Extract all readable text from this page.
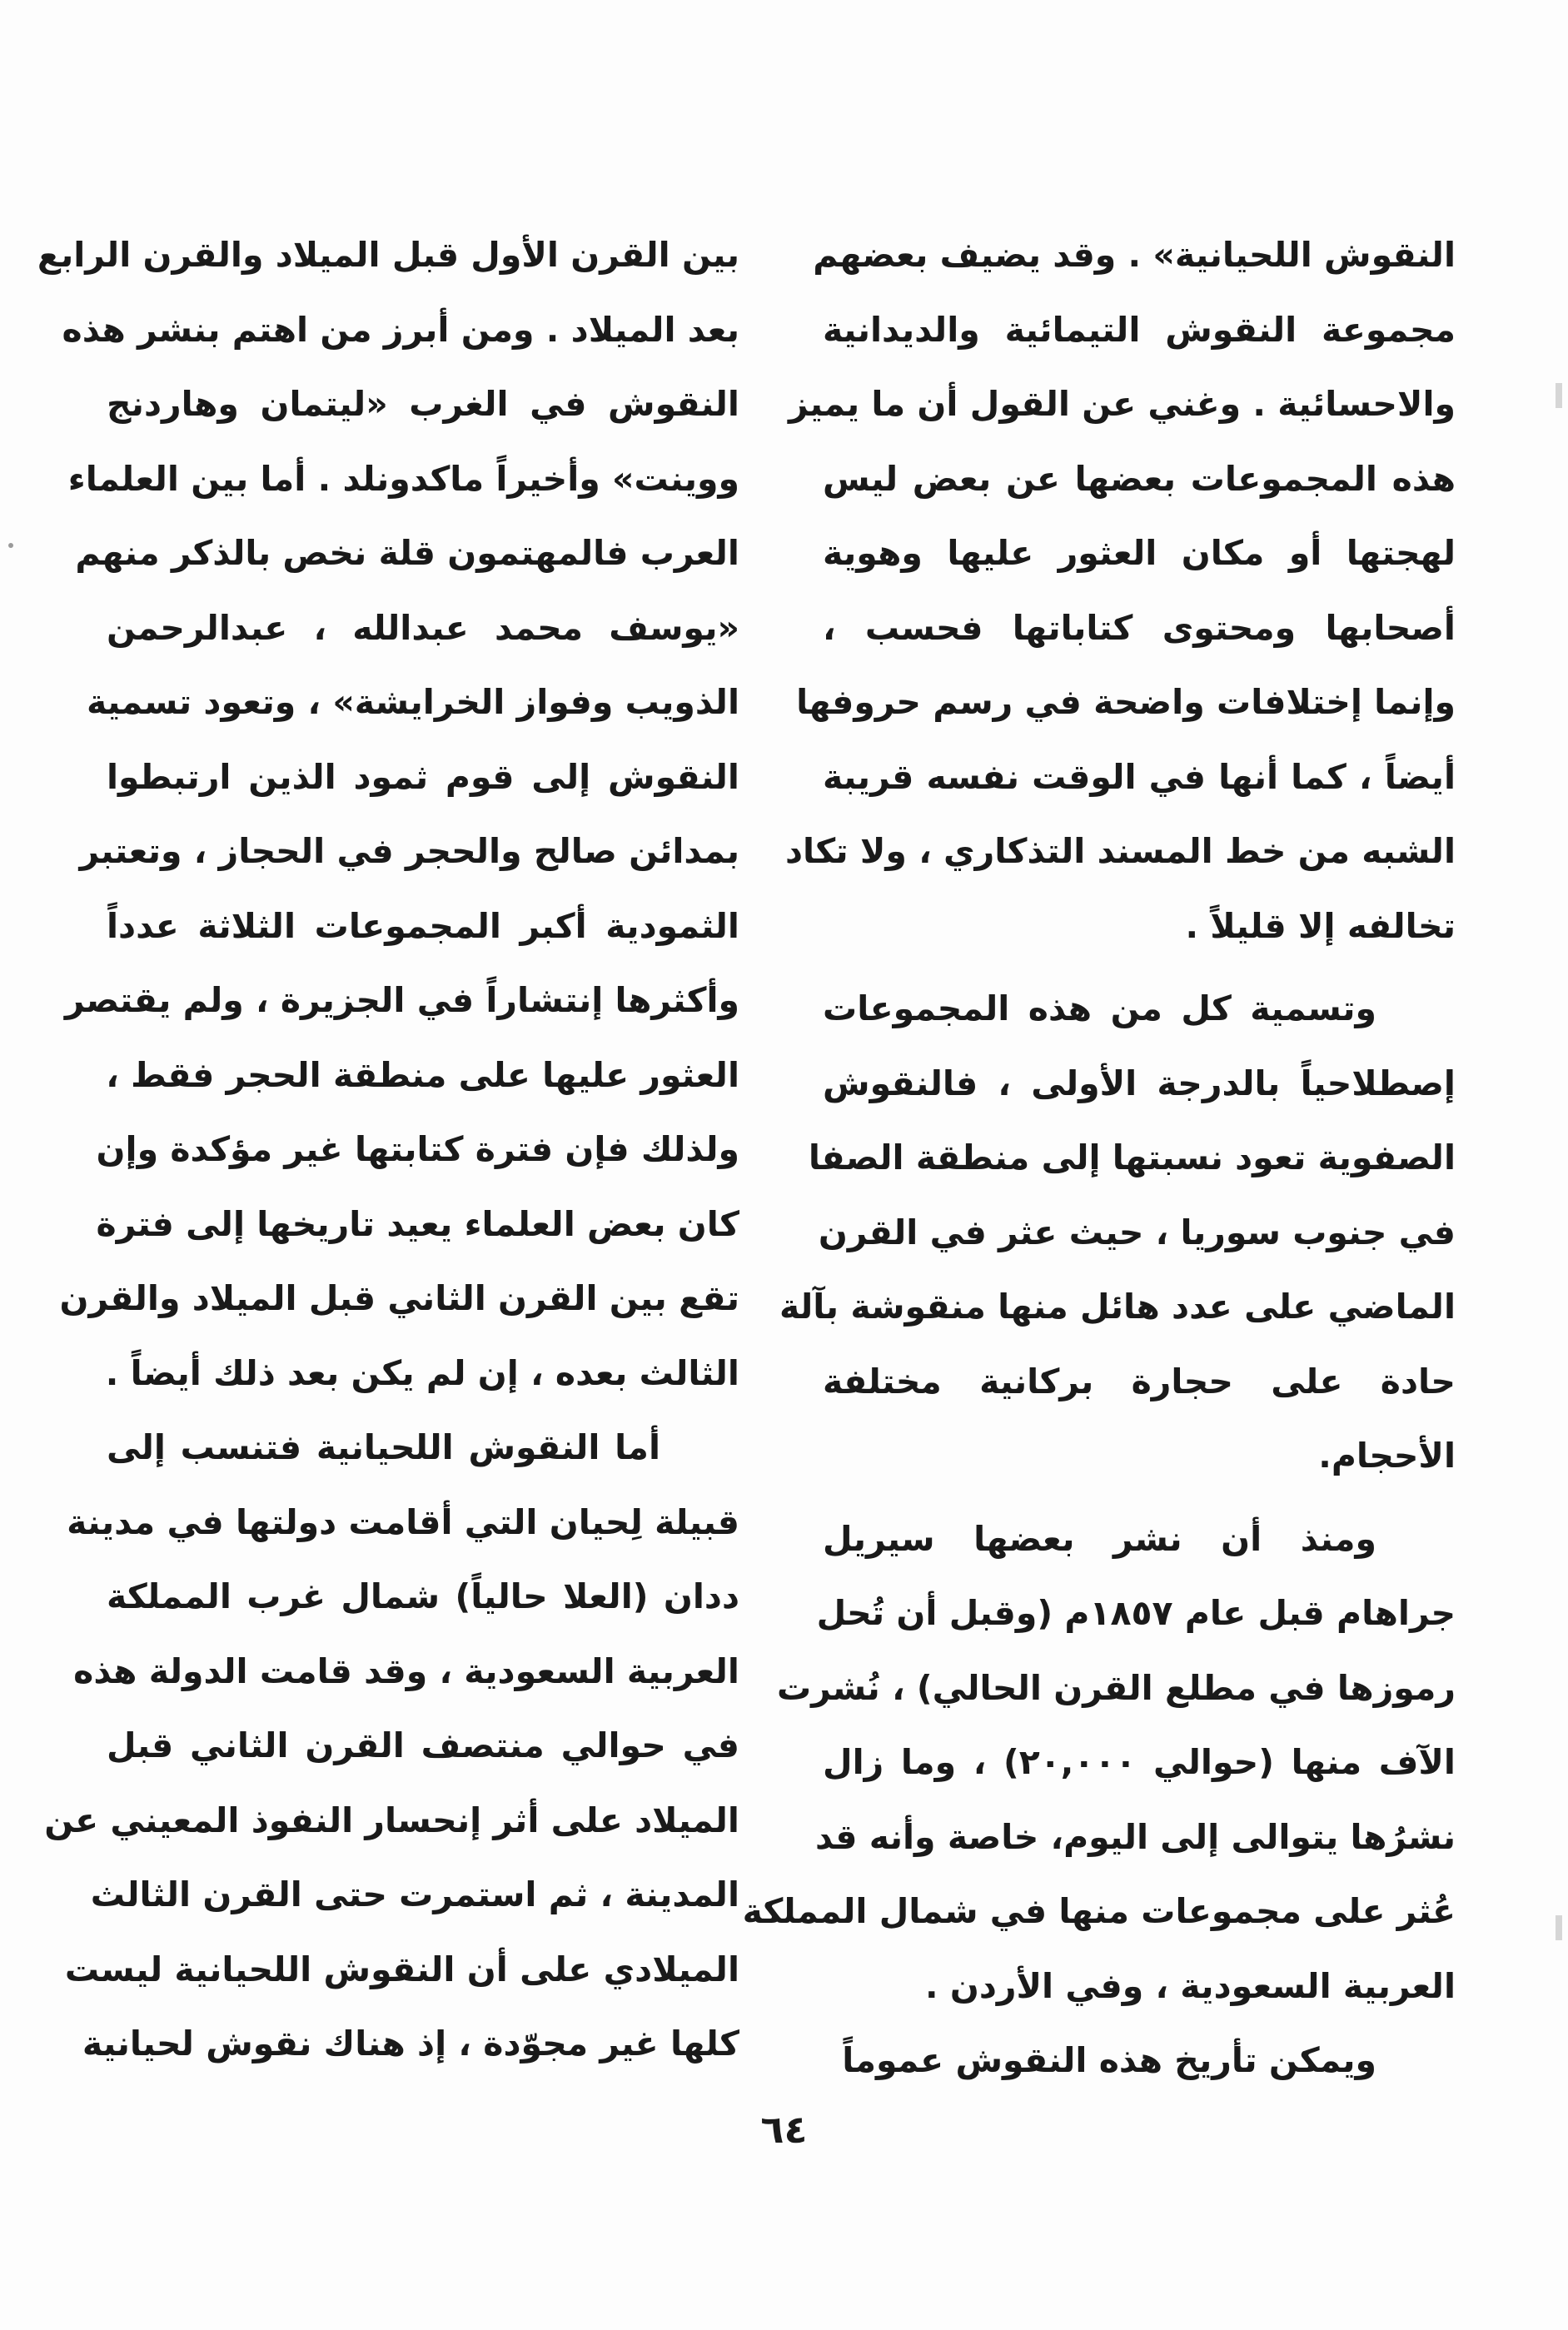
النقوش اللحيانية» . وقد يضيف بعضهم
مجموعة النقوش التيمائية والديدانية
والاحسائية . وغني عن القول أن ما يميز
هذه المجموعات بعضها عن بعض ليس
لهجتها أو مكان العثور عليها وهوية
أصحابها ومحتوى كتاباتها فحسب ،
وإنما إختلافات واضحة في رسم حروفها
أيضاً ، كما أنها في الوقت نفسه قريبة
الشبه من خط المسند التذكاري ، ولا تكاد
تخالفه إلا قليلاً .
وتسمية كل من هذه المجموعات
إصطلاحياً بالدرجة الأولى ، فالنقوش
الصفوية تعود نسبتها إلى منطقة الصفا
في جنوب سوريا ، حيث عثر في القرن
الماضي على عدد هائل منها منقوشة بآلة
حادة على حجارة بركانية مختلفة
الأحجام.
ومنذ أن نشر بعضها سيريل
جراهام قبل عام ١٨٥٧م (وقبل أن تُحل
رموزها في مطلع القرن الحالي) ، نُشرت
الآف منها (حوالي ٢٠,٠٠٠) ، وما زال
نشرُها يتوالى إلى اليوم، خاصة وأنه قد
عُثر على مجموعات منها في شمال المملكة
العربية السعودية ، وفي الأردن .
ويمكن تأريخ هذه النقوش عموماً
بين القرن الأول قبل الميلاد والقرن الرابع
بعد الميلاد . ومن أبرز من اهتم بنشر هذه
النقوش في الغرب «ليتمان وهاردنج
ووينت» وأخيراً ماكدونلد . أما بين العلماء
العرب فالمهتمون قلة نخص بالذكر منهم
«يوسف محمد عبدالله ، عبدالرحمن
الذويب وفواز الخرايشة» ، وتعود تسمية
النقوش إلى قوم ثمود الذين ارتبطوا
بمدائن صالح والحجر في الحجاز ، وتعتبر
الثمودية أكبر المجموعات الثلاثة عدداً
وأكثرها إنتشاراً في الجزيرة ، ولم يقتصر
العثور عليها على منطقة الحجر فقط ،
ولذلك فإن فترة كتابتها غير مؤكدة وإن
كان بعض العلماء يعيد تاريخها إلى فترة
تقع بين القرن الثاني قبل الميلاد والقرن
الثالث بعده ، إن لم يكن بعد ذلك أيضاً .
أما النقوش اللحيانية فتنسب إلى
قبيلة لِحيان التي أقامت دولتها في مدينة
ددان (العلا حالياً) شمال غرب المملكة
العربية السعودية ، وقد قامت الدولة هذه
في حوالي منتصف القرن الثاني قبل
الميلاد على أثر إنحسار النفوذ المعيني عن
المدينة ، ثم استمرت حتى القرن الثالث
الميلادي على أن النقوش اللحيانية ليست
كلها غير مجوّدة ، إذ هناك نقوش لحيانية
٦٤
